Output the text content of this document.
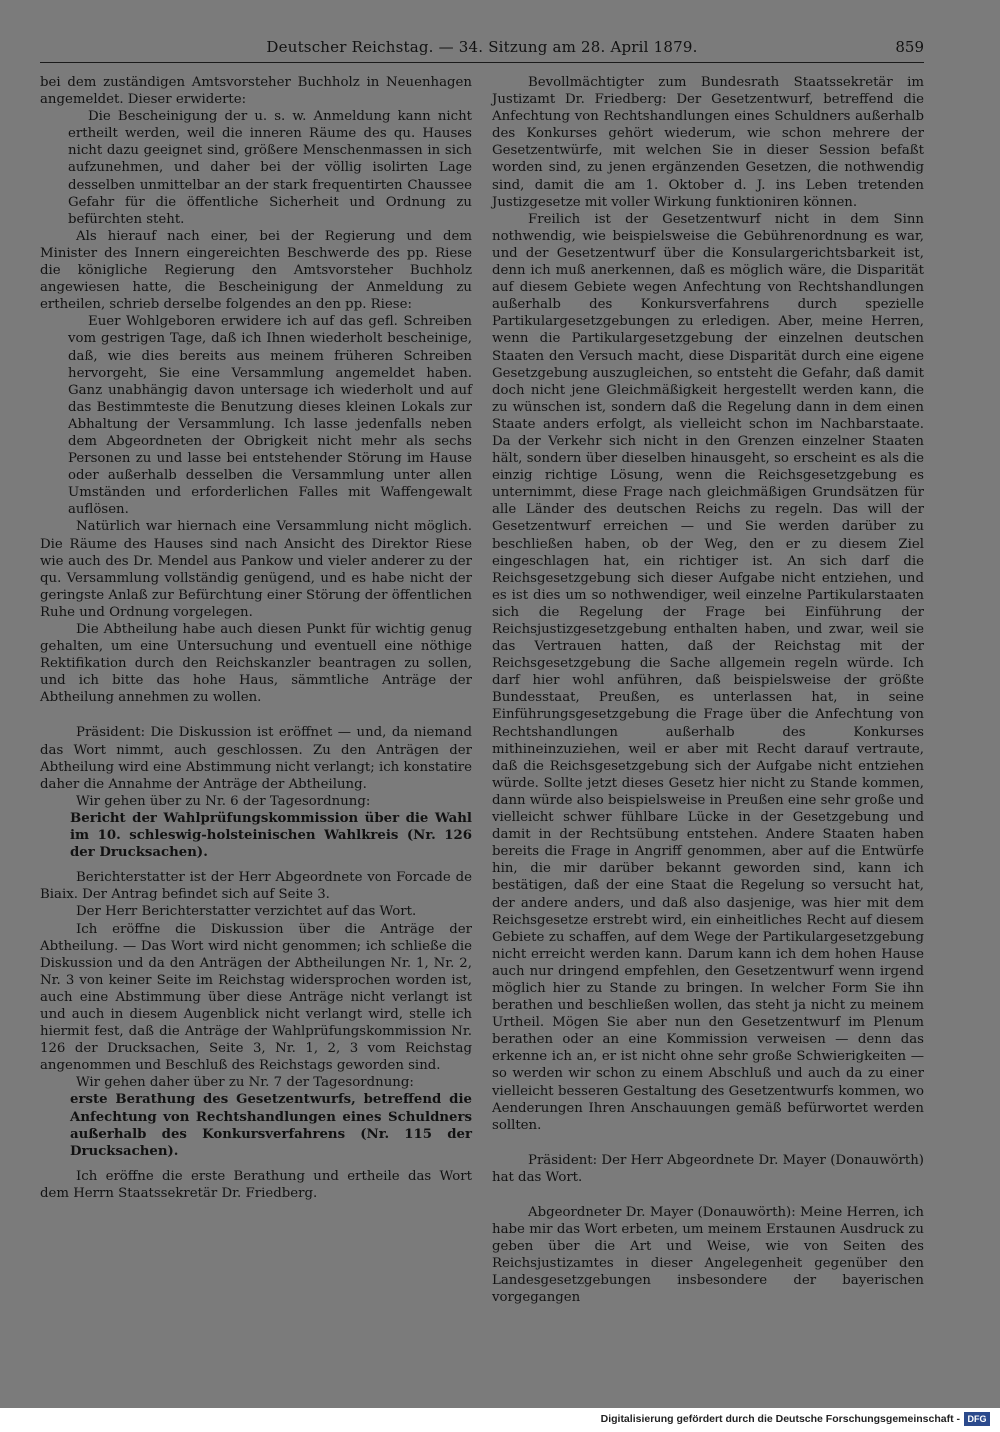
Deutscher Reichstag. — 34. Sitzung am 28. April 1879.	859

bei dem zuständigen Amtsvorsteher Buchholz in Neuenhagen angemeldet. Dieser erwiderte:

Die Bescheinigung der u. s. w. Anmeldung kann nicht ertheilt werden, weil die inneren Räume des qu. Hauses nicht dazu geeignet sind, größere Menschenmassen in sich aufzunehmen, und daher bei der völlig isolirten Lage desselben unmittelbar an der stark frequentirten Chaussee Gefahr für die öffentliche Sicherheit und Ordnung zu befürchten steht.

Als hierauf nach einer, bei der Regierung und dem Minister des Innern eingereichten Beschwerde des pp. Riese die königliche Regierung den Amtsvorsteher Buchholz angewiesen hatte, die Bescheinigung der Anmeldung zu ertheilen, schrieb derselbe folgendes an den pp. Riese:

Euer Wohlgeboren erwidere ich auf das gefl. Schreiben vom gestrigen Tage, daß ich Ihnen wiederholt bescheinige, daß, wie dies bereits aus meinem früheren Schreiben hervorgeht, Sie eine Versammlung angemeldet haben. Ganz unabhängig davon untersage ich wiederholt und auf das Bestimmteste die Benutzung dieses kleinen Lokals zur Abhaltung der Versammlung. Ich lasse jedenfalls neben dem Abgeordneten der Obrigkeit nicht mehr als sechs Personen zu und lasse bei entstehender Störung im Hause oder außerhalb desselben die Versammlung unter allen Umständen und erforderlichen Falles mit Waffengewalt auflösen.

Natürlich war hiernach eine Versammlung nicht möglich. Die Räume des Hauses sind nach Ansicht des Direktor Riese wie auch des Dr. Mendel aus Pankow und vieler anderer zu der qu. Versammlung vollständig genügend, und es habe nicht der geringste Anlaß zur Befürchtung einer Störung der öffentlichen Ruhe und Ordnung vorgelegen.

Die Abtheilung habe auch diesen Punkt für wichtig genug gehalten, um eine Untersuchung und eventuell eine nöthige Rektifikation durch den Reichskanzler beantragen zu sollen, und ich bitte das hohe Haus, sämmtliche Anträge der Abtheilung annehmen zu wollen.

Präsident: Die Diskussion ist eröffnet — und, da niemand das Wort nimmt, auch geschlossen. Zu den Anträgen der Abtheilung wird eine Abstimmung nicht verlangt; ich konstatire daher die Annahme der Anträge der Abtheilung.

Wir gehen über zu Nr. 6 der Tagesordnung:

Bericht der Wahlprüfungskommission über die Wahl im 10. schleswig-holsteinischen Wahlkreis (Nr. 126 der Drucksachen).

Berichterstatter ist der Herr Abgeordnete von Forcade de Biaix. Der Antrag befindet sich auf Seite 3.

Der Herr Berichterstatter verzichtet auf das Wort.

Ich eröffne die Diskussion über die Anträge der Abtheilung. — Das Wort wird nicht genommen; ich schließe die Diskussion und da den Anträgen der Abtheilungen Nr. 1, Nr. 2, Nr. 3 von keiner Seite im Reichstag widersprochen worden ist, auch eine Abstimmung über diese Anträge nicht verlangt ist und auch in diesem Augenblick nicht verlangt wird, stelle ich hiermit fest, daß die Anträge der Wahlprüfungskommission Nr. 126 der Drucksachen, Seite 3, Nr. 1, 2, 3 vom Reichstag angenommen und Beschluß des Reichstags geworden sind.

Wir gehen daher über zu Nr. 7 der Tagesordnung:

erste Berathung des Gesetzentwurfs, betreffend die Anfechtung von Rechtshandlungen eines Schuldners außerhalb des Konkursverfahrens (Nr. 115 der Drucksachen).

Ich eröffne die erste Berathung und ertheile das Wort dem Herrn Staatssekretär Dr. Friedberg.

Bevollmächtigter zum Bundesrath Staatssekretär im Justizamt Dr. Friedberg: Der Gesetzentwurf, betreffend die Anfechtung von Rechtshandlungen eines Schuldners außerhalb des Konkurses gehört wiederum, wie schon mehrere der Gesetzentwürfe, mit welchen Sie in dieser Session befaßt worden sind, zu jenen ergänzenden Gesetzen, die nothwendig sind, damit die am 1. Oktober d. J. ins Leben tretenden Justizgesetze mit voller Wirkung funktioniren können.

Freilich ist der Gesetzentwurf nicht in dem Sinn nothwendig, wie beispielsweise die Gebührenordnung es war, und der Gesetzentwurf über die Konsulargerichtsbarkeit ist, denn ich muß anerkennen, daß es möglich wäre, die Disparität auf diesem Gebiete wegen Anfechtung von Rechtshandlungen außerhalb des Konkursverfahrens durch spezielle Partikulargesetzgebungen zu erledigen. Aber, meine Herren, wenn die Partikulargesetzgebung der einzelnen deutschen Staaten den Versuch macht, diese Disparität durch eine eigene Gesetzgebung auszugleichen, so entsteht die Gefahr, daß damit doch nicht jene Gleichmäßigkeit hergestellt werden kann, die zu wünschen ist, sondern daß die Regelung dann in dem einen Staate anders erfolgt, als vielleicht schon im Nachbarstaate. Da der Verkehr sich nicht in den Grenzen einzelner Staaten hält, sondern über dieselben hinausgeht, so erscheint es als die einzig richtige Lösung, wenn die Reichsgesetzgebung es unternimmt, diese Frage nach gleichmäßigen Grundsätzen für alle Länder des deutschen Reichs zu regeln. Das will der Gesetzentwurf erreichen — und Sie werden darüber zu beschließen haben, ob der Weg, den er zu diesem Ziel eingeschlagen hat, ein richtiger ist. An sich darf die Reichsgesetzgebung sich dieser Aufgabe nicht entziehen, und es ist dies um so nothwendiger, weil einzelne Partikularstaaten sich die Regelung der Frage bei Einführung der Reichsjustizgesetzgebung enthalten haben, und zwar, weil sie das Vertrauen hatten, daß der Reichstag mit der Reichsgesetzgebung die Sache allgemein regeln würde. Ich darf hier wohl anführen, daß beispielsweise der größte Bundesstaat, Preußen, es unterlassen hat, in seine Einführungsgesetzgebung die Frage über die Anfechtung von Rechtshandlungen außerhalb des Konkurses mithineinzuziehen, weil er aber mit Recht darauf vertraute, daß die Reichsgesetzgebung sich der Aufgabe nicht entziehen würde. Sollte jetzt dieses Gesetz hier nicht zu Stande kommen, dann würde also beispielsweise in Preußen eine sehr große und vielleicht schwer fühlbare Lücke in der Gesetzgebung und damit in der Rechtsübung entstehen. Andere Staaten haben bereits die Frage in Angriff genommen, aber auf die Entwürfe hin, die mir darüber bekannt geworden sind, kann ich bestätigen, daß der eine Staat die Regelung so versucht hat, der andere anders, und daß also dasjenige, was hier mit dem Reichsgesetze erstrebt wird, ein einheitliches Recht auf diesem Gebiete zu schaffen, auf dem Wege der Partikulargesetzgebung nicht erreicht werden kann. Darum kann ich dem hohen Hause auch nur dringend empfehlen, den Gesetzentwurf wenn irgend möglich hier zu Stande zu bringen. In welcher Form Sie ihn berathen und beschließen wollen, das steht ja nicht zu meinem Urtheil. Mögen Sie aber nun den Gesetzentwurf im Plenum berathen oder an eine Kommission verweisen — denn das erkenne ich an, er ist nicht ohne sehr große Schwierigkeiten — so werden wir schon zu einem Abschluß und auch da zu einer vielleicht besseren Gestaltung des Gesetzentwurfs kommen, wo Aenderungen Ihren Anschauungen gemäß befürwortet werden sollten.

Präsident: Der Herr Abgeordnete Dr. Mayer (Donauwörth) hat das Wort.

Abgeordneter Dr. Mayer (Donauwörth): Meine Herren, ich habe mir das Wort erbeten, um meinem Erstaunen Ausdruck zu geben über die Art und Weise, wie von Seiten des Reichsjustizamtes in dieser Angelegenheit gegenüber den Landesgesetzgebungen insbesondere der bayerischen vorgegangen

Digitalisierung gefördert durch die Deutsche Forschungsgemeinschaft - DFG
